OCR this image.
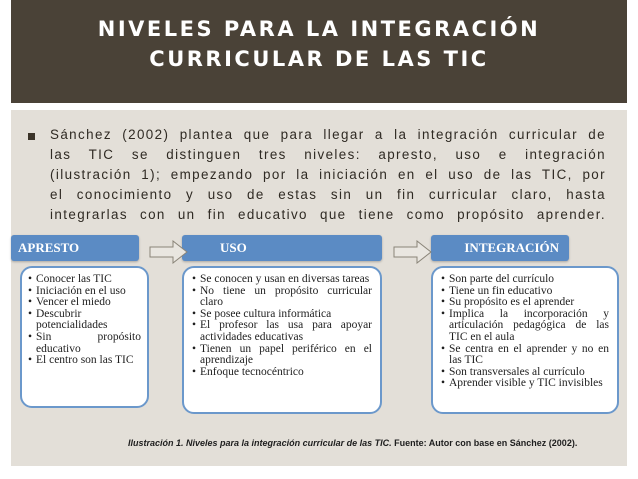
NIVELES PARA LA INTEGRACIÓN
CURRICULAR DE LAS TIC

Sánchez (2002) plantea que para llegar a la integración curricular de las TIC se distinguen tres niveles: apresto, uso e integración (ilustración 1); empezando por la iniciación en el uso de las TIC, por el conocimiento y uso de estas sin un fin curricular claro, hasta integrarlas con un fin educativo que tiene como propósito aprender.

APRESTO	USO	INTEGRACIÓN
• Conocer las TIC
• Iniciación en el uso
• Vencer el miedo
• Descubrir potencialidades
• Sin propósito educativo
• El centro son las TIC
• Se conocen y usan en diversas tareas
• No tiene un propósito curricular claro
• Se posee cultura informática
• El profesor las usa para apoyar actividades educativas
• Tienen un papel periférico en el aprendizaje
• Enfoque tecnocéntrico
• Son parte del currículo
• Tiene un fin educativo
• Su propósito es el aprender
• Implica la incorporación y articulación pedagógica de las TIC en el aula
• Se centra en el aprender y no en las TIC
• Son transversales al currículo
• Aprender visible y TIC invisibles

Ilustración 1. Niveles para la integración curricular de las TIC. Fuente: Autor con base en Sánchez (2002).
